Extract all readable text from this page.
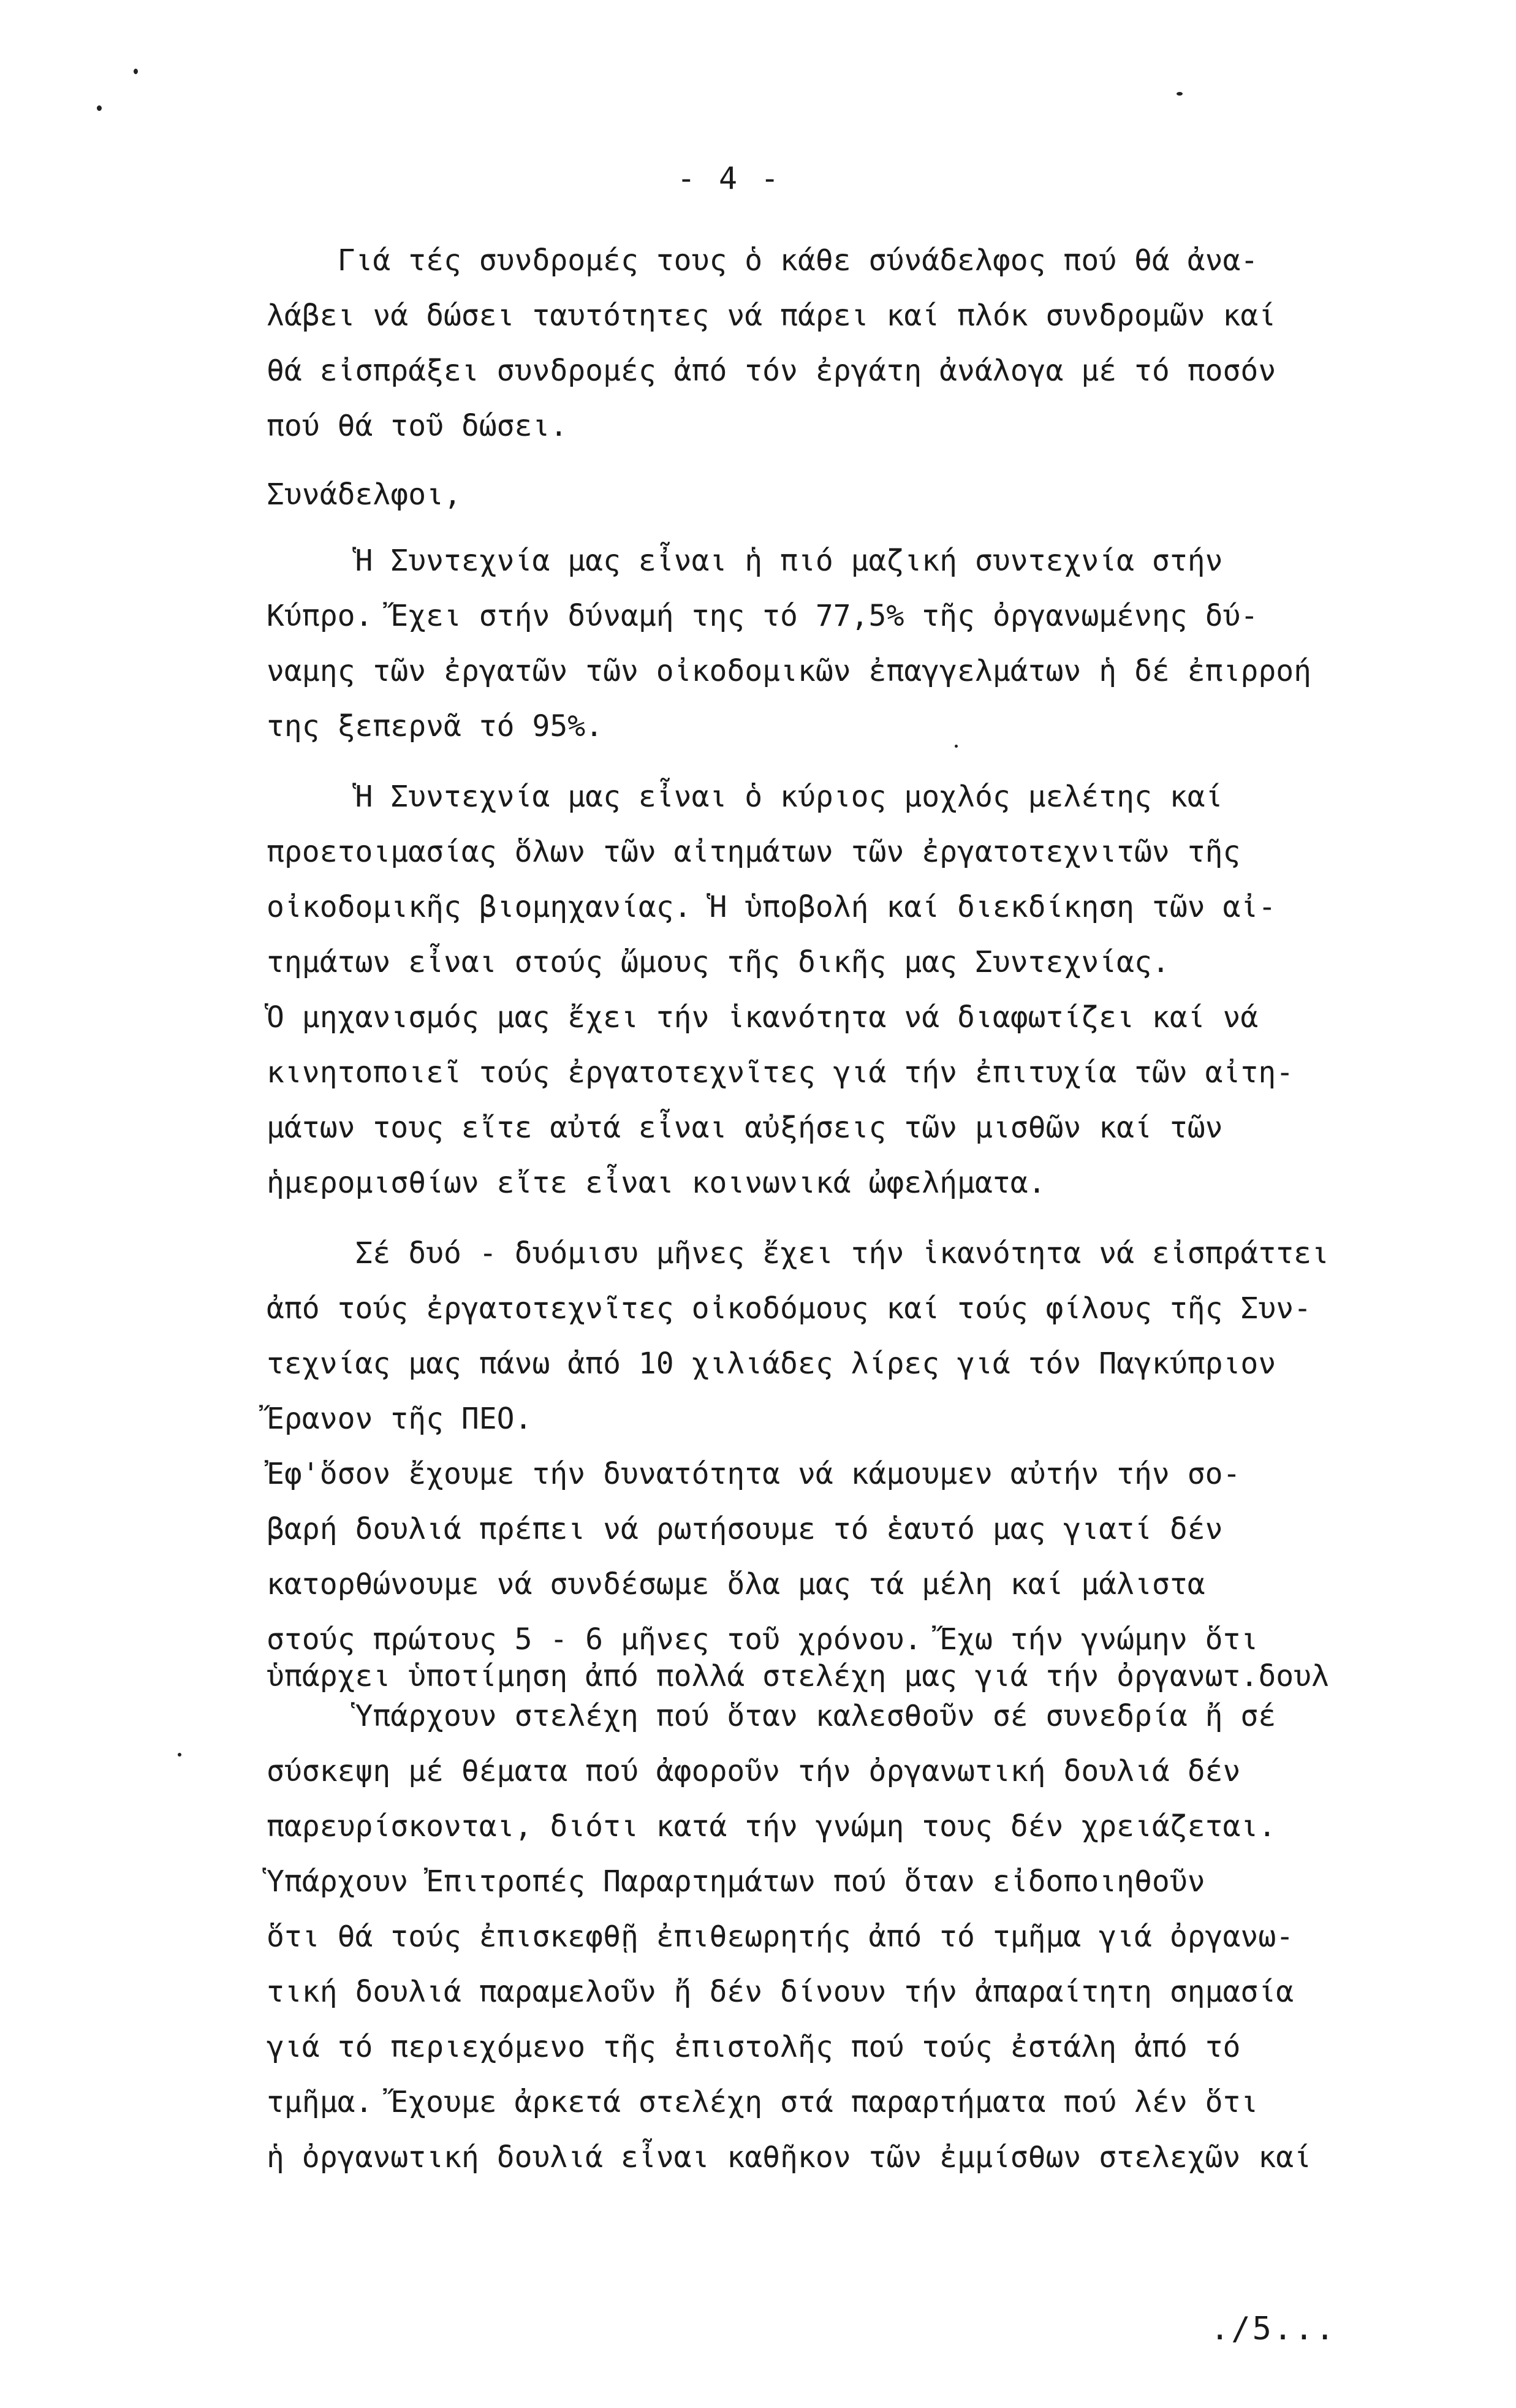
- 4 -
Γιά τές συνδρομές τους ὁ κάθε σύνάδελφος πού θά ἀνα-
λάβει νά δώσει ταυτότητες νά πάρει καί πλόκ συνδρομῶν καί
θά εἰσπράξει συνδρομές ἀπό τόν ἐργάτη ἀνάλογα μέ τό ποσόν
πού θά τοῦ δώσει.
Συνάδελφοι,
Ἡ Συντεχνία μας εἶναι ἡ πιό μαζική συντεχνία στήν
Κύπρο. Ἔχει στήν δύναμή της τό 77,5% τῆς ὀργανωμένης δύ-
ναμης τῶν ἐργατῶν τῶν οἰκοδομικῶν ἐπαγγελμάτων ἡ δέ ἐπιρροή
της ξεπερνᾶ τό 95%.
Ἡ Συντεχνία μας εἶναι ὁ κύριος μοχλός μελέτης καί
προετοιμασίας ὅλων τῶν αἰτημάτων τῶν ἐργατοτεχνιτῶν τῆς
οἰκοδομικῆς βιομηχανίας. Ἡ ὑποβολή καί διεκδίκηση τῶν αἰ-
τημάτων εἶναι στούς ὤμους τῆς δικῆς μας Συντεχνίας.
Ὁ μηχανισμός μας ἔχει τήν ἱκανότητα νά διαφωτίζει καί νά
κινητοποιεῖ τούς ἐργατοτεχνῖτες γιά τήν ἐπιτυχία τῶν αἰτη-
μάτων τους εἴτε αὐτά εἶναι αὐξήσεις τῶν μισθῶν καί τῶν
ἡμερομισθίων εἴτε εἶναι κοινωνικά ὠφελήματα.
Σέ δυό - δυόμισυ μῆνες ἔχει τήν ἱκανότητα νά εἰσπράττει
ἀπό τούς ἐργατοτεχνῖτες οἰκοδόμους καί τούς φίλους τῆς Συν-
τεχνίας μας πάνω ἀπό 10 χιλιάδες λίρες γιά τόν Παγκύπριον
Ἔρανον τῆς ΠΕΟ.
Ἐφ'ὅσον ἔχουμε τήν δυνατότητα νά κάμουμεν αὐτήν τήν σο-
βαρή δουλιά πρέπει νά ρωτήσουμε τό ἑαυτό μας γιατί δέν
κατορθώνουμε νά συνδέσωμε ὅλα μας τά μέλη καί μάλιστα
στούς πρώτους 5 - 6 μῆνες τοῦ χρόνου. Ἔχω τήν γνώμην ὅτι
ὑπάρχει ὑποτίμηση ἀπό πολλά στελέχη μας γιά τήν ὀργανωτ.δουλ
Ὑπάρχουν στελέχη πού ὅταν καλεσθοῦν σέ συνεδρία ἤ σέ
σύσκεψη μέ θέματα πού ἀφοροῦν τήν ὀργανωτική δουλιά δέν
παρευρίσκονται, διότι κατά τήν γνώμη τους δέν χρειάζεται.
Ὑπάρχουν Ἐπιτροπές Παραρτημάτων πού ὅταν εἰδοποιηθοῦν
ὅτι θά τούς ἐπισκεφθῇ ἐπιθεωρητής ἀπό τό τμῆμα γιά ὀργανω-
τική δουλιά παραμελοῦν ἤ δέν δίνουν τήν ἀπαραίτητη σημασία
γιά τό περιεχόμενο τῆς ἐπιστολῆς πού τούς ἐστάλη ἀπό τό
τμῆμα. Ἔχουμε ἀρκετά στελέχη στά παραρτήματα πού λέν ὅτι
ἡ ὀργανωτική δουλιά εἶναι καθῆκον τῶν ἐμμίσθων στελεχῶν καί
./5...
